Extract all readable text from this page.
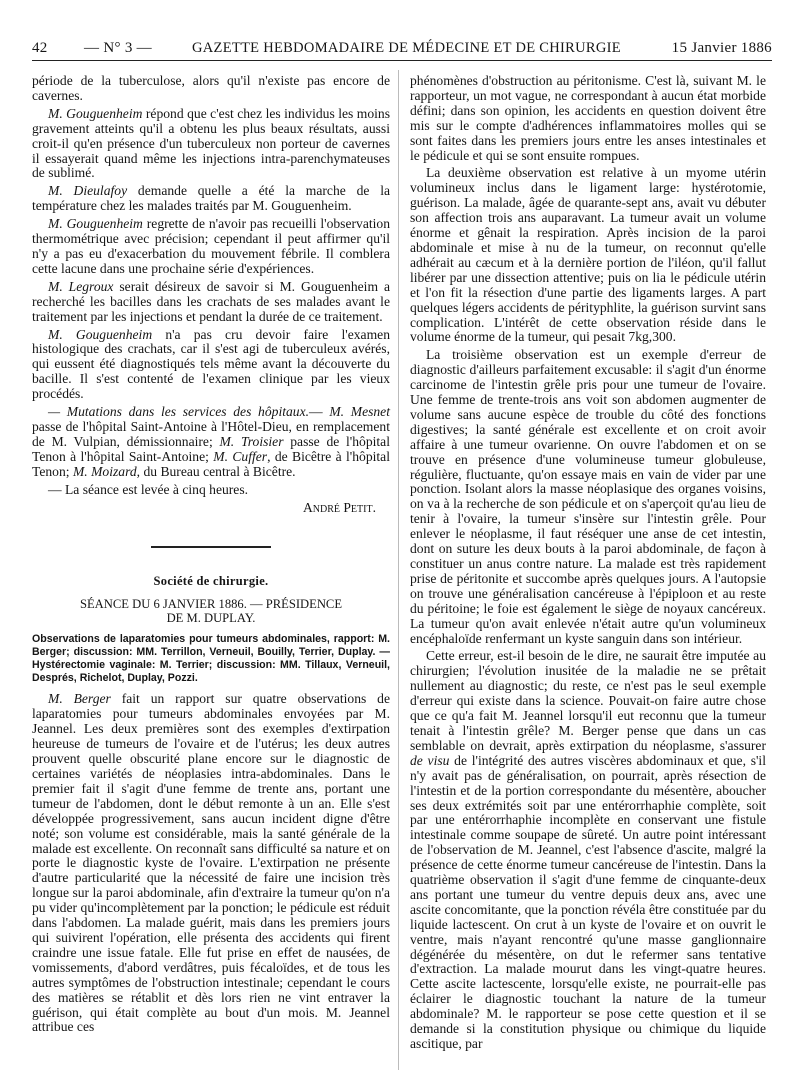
42 — N° 3 —	GAZETTE HEBDOMADAIRE DE MÉDECINE ET DE CHIRURGIE	15 Janvier 1886

période de la tuberculose, alors qu'il n'existe pas encore de cavernes.

M. Gouguenheim répond que c'est chez les individus les moins gravement atteints qu'il a obtenu les plus beaux résultats, aussi croit-il qu'en présence d'un tuberculeux non porteur de cavernes il essayerait quand même les injections intra-parenchymateuses de sublimé.

M. Dieulafoy demande quelle a été la marche de la température chez les malades traités par M. Gouguenheim.

M. Gouguenheim regrette de n'avoir pas recueilli l'observation thermométrique avec précision; cependant il peut affirmer qu'il n'y a pas eu d'exacerbation du mouvement fébrile. Il comblera cette lacune dans une prochaine série d'expériences.

M. Legroux serait désireux de savoir si M. Gouguenheim a recherché les bacilles dans les crachats de ses malades avant le traitement par les injections et pendant la durée de ce traitement.

M. Gouguenheim n'a pas cru devoir faire l'examen histologique des crachats, car il s'est agi de tuberculeux avérés, qui eussent été diagnostiqués tels même avant la découverte du bacille. Il s'est contenté de l'examen clinique par les vieux procédés.

— Mutations dans les services des hôpitaux.— M. Mesnet passe de l'hôpital Saint-Antoine à l'Hôtel-Dieu, en remplacement de M. Vulpian, démissionnaire; M. Troisier passe de l'hôpital Tenon à l'hôpital Saint-Antoine; M. Cuffer, de Bicêtre à l'hôpital Tenon; M. Moizard, du Bureau central à Bicêtre.

— La séance est levée à cinq heures.

André Petit.

Société de chirurgie.

SÉANCE DU 6 JANVIER 1886. — PRÉSIDENCE
DE M. DUPLAY.

Observations de laparatomies pour tumeurs abdominales, rapport: M. Berger; discussion: MM. Terrillon, Verneuil, Bouilly, Terrier, Duplay. — Hystérectomie vaginale: M. Terrier; discussion: MM. Tillaux, Verneuil, Després, Richelot, Duplay, Pozzi.

M. Berger fait un rapport sur quatre observations de laparatomies pour tumeurs abdominales envoyées par M. Jeannel. Les deux premières sont des exemples d'extirpation heureuse de tumeurs de l'ovaire et de l'utérus; les deux autres prouvent quelle obscurité plane encore sur le diagnostic de certaines variétés de néoplasies intra-abdominales. Dans le premier fait il s'agit d'une femme de trente ans, portant une tumeur de l'abdomen, dont le début remonte à un an. Elle s'est développée progressivement, sans aucun incident digne d'être noté; son volume est considérable, mais la santé générale de la malade est excellente. On reconnaît sans difficulté sa nature et on porte le diagnostic kyste de l'ovaire. L'extirpation ne présente d'autre particularité que la nécessité de faire une incision très longue sur la paroi abdominale, afin d'extraire la tumeur qu'on n'a pu vider qu'incomplètement par la ponction; le pédicule est réduit dans l'abdomen. La malade guérit, mais dans les premiers jours qui suivirent l'opération, elle présenta des accidents qui firent craindre une issue fatale. Elle fut prise en effet de nausées, de vomissements, d'abord verdâtres, puis fécaloïdes, et de tous les autres symptômes de l'obstruction intestinale; cependant le cours des matières se rétablit et dès lors rien ne vint entraver la guérison, qui était complète au bout d'un mois. M. Jeannel attribue ces

phénomènes d'obstruction au péritonisme. C'est là, suivant M. le rapporteur, un mot vague, ne correspondant à aucun état morbide défini; dans son opinion, les accidents en question doivent être mis sur le compte d'adhérences inflammatoires molles qui se sont faites dans les premiers jours entre les anses intestinales et le pédicule et qui se sont ensuite rompues.

La deuxième observation est relative à un myome utérin volumineux inclus dans le ligament large: hystérotomie, guérison. La malade, âgée de quarante-sept ans, avait vu débuter son affection trois ans auparavant. La tumeur avait un volume énorme et gênait la respiration. Après incision de la paroi abdominale et mise à nu de la tumeur, on reconnut qu'elle adhérait au cæcum et à la dernière portion de l'iléon, qu'il fallut libérer par une dissection attentive; puis on lia le pédicule utérin et l'on fit la résection d'une partie des ligaments larges. A part quelques légers accidents de pérityphlite, la guérison survint sans complication. L'intérêt de cette observation réside dans le volume énorme de la tumeur, qui pesait 7kg,300.

La troisième observation est un exemple d'erreur de diagnostic d'ailleurs parfaitement excusable: il s'agit d'un énorme carcinome de l'intestin grêle pris pour une tumeur de l'ovaire. Une femme de trente-trois ans voit son abdomen augmenter de volume sans aucune espèce de trouble du côté des fonctions digestives; la santé générale est excellente et on croit avoir affaire à une tumeur ovarienne. On ouvre l'abdomen et on se trouve en présence d'une volumineuse tumeur globuleuse, régulière, fluctuante, qu'on essaye mais en vain de vider par une ponction. Isolant alors la masse néoplasique des organes voisins, on va à la recherche de son pédicule et on s'aperçoit qu'au lieu de tenir à l'ovaire, la tumeur s'insère sur l'intestin grêle. Pour enlever le néoplasme, il faut réséquer une anse de cet intestin, dont on suture les deux bouts à la paroi abdominale, de façon à constituer un anus contre nature. La malade est très rapidement prise de péritonite et succombe après quelques jours. A l'autopsie on trouve une généralisation cancéreuse à l'épiploon et au reste du péritoine; le foie est également le siège de noyaux cancéreux. La tumeur qu'on avait enlevée n'était autre qu'un volumineux encéphaloïde renfermant un kyste sanguin dans son intérieur.

Cette erreur, est-il besoin de le dire, ne saurait être imputée au chirurgien; l'évolution inusitée de la maladie ne se prêtait nullement au diagnostic; du reste, ce n'est pas le seul exemple d'erreur qui existe dans la science. Pouvait-on faire autre chose que ce qu'a fait M. Jeannel lorsqu'il eut reconnu que la tumeur tenait à l'intestin grêle? M. Berger pense que dans un cas semblable on devrait, après extirpation du néoplasme, s'assurer de visu de l'intégrité des autres viscères abdominaux et que, s'il n'y avait pas de généralisation, on pourrait, après résection de l'intestin et de la portion correspondante du mésentère, aboucher ses deux extrémités soit par une entérorrhaphie complète, soit par une entérorrhaphie incomplète en conservant une fistule intestinale comme soupape de sûreté. Un autre point intéressant de l'observation de M. Jeannel, c'est l'absence d'ascite, malgré la présence de cette énorme tumeur cancéreuse de l'intestin. Dans la quatrième observation il s'agit d'une femme de cinquante-deux ans portant une tumeur du ventre depuis deux ans, avec une ascite concomitante, que la ponction révéla être constituée par du liquide lactescent. On crut à un kyste de l'ovaire et on ouvrit le ventre, mais n'ayant rencontré qu'une masse ganglionnaire dégénérée du mésentère, on dut le refermer sans tentative d'extraction. La malade mourut dans les vingt-quatre heures. Cette ascite lactescente, lorsqu'elle existe, ne pourrait-elle pas éclairer le diagnostic touchant la nature de la tumeur abdominale? M. le rapporteur se pose cette question et il se demande si la constitution physique ou chimique du liquide ascitique, par
